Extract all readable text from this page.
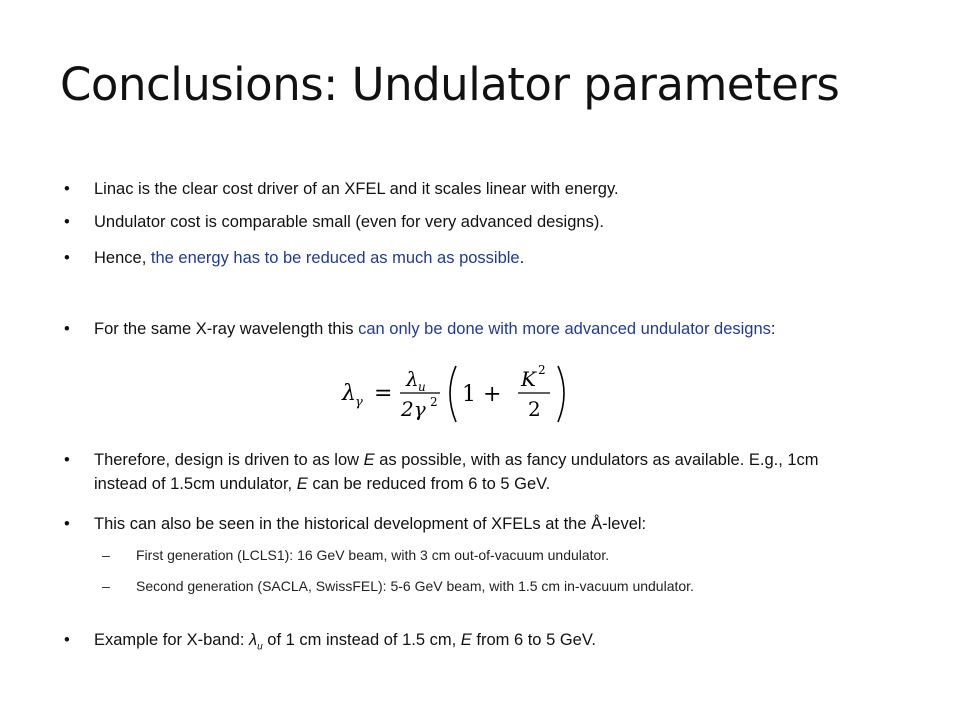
Conclusions: Undulator parameters
• Linac is the clear cost driver of an XFEL and it scales linear with energy.
• Undulator cost is comparable small (even for very advanced designs).
• Hence, the energy has to be reduced as much as possible.
• For the same X-ray wavelength this can only be done with more advanced undulator designs:
λ γ =
λ u
2γ 2 1 +
K 2
2
• Therefore, design is driven to as low E as possible, with as fancy undulators as available. E.g., 1cm instead of 1.5cm undulator, E can be reduced from 6 to 5 GeV.
• This can also be seen in the historical development of XFELs at the Å-level:
– First generation (LCLS1): 16 GeV beam, with 3 cm out-of-vacuum undulator.
– Second generation (SACLA, SwissFEL): 5-6 GeV beam, with 1.5 cm in-vacuum undulator.
• Example for X-band: $\lambda_u$ of 1 cm instead of 1.5 cm, E from 6 to 5 GeV.
